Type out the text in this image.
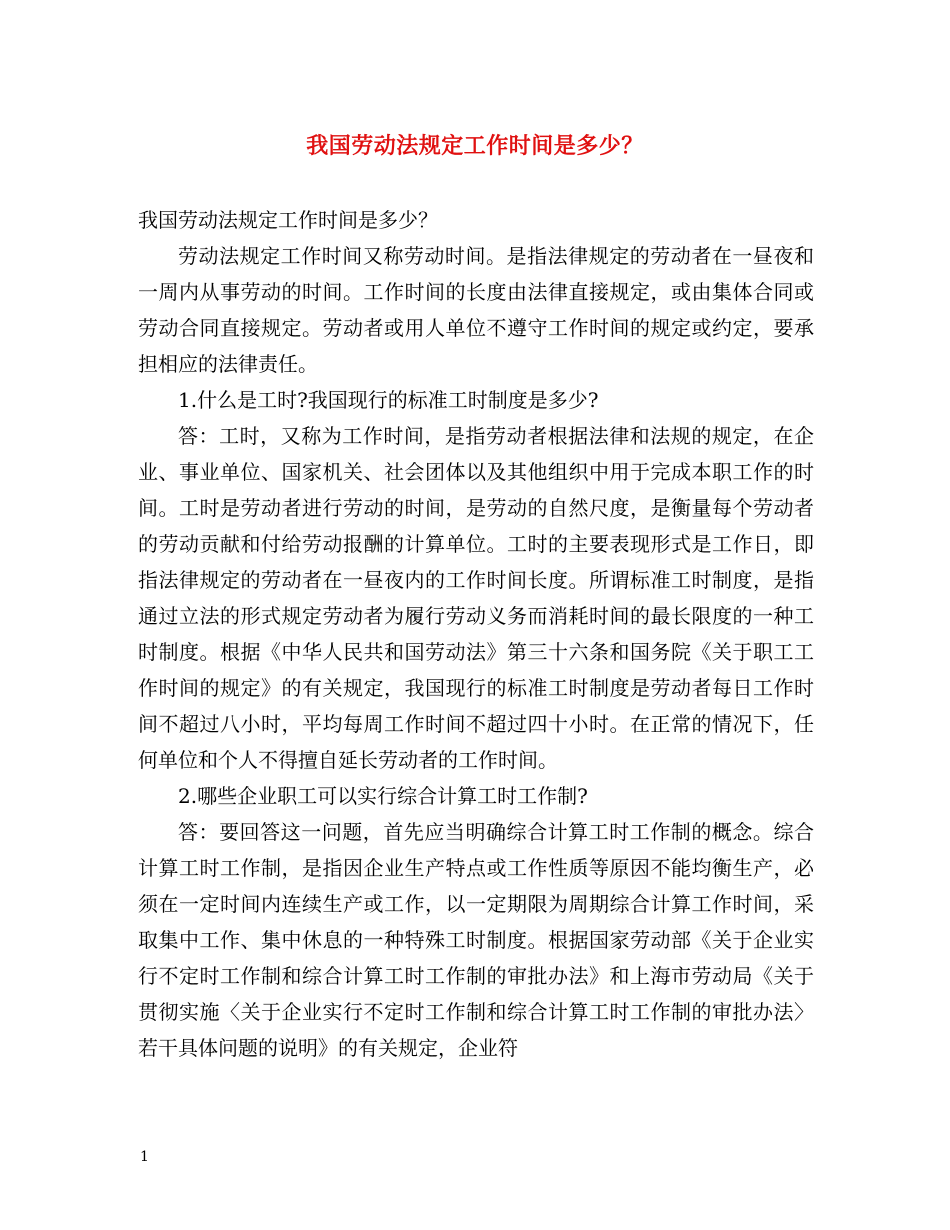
我国劳动法规定工作时间是多少？

我国劳动法规定工作时间是多少？

劳动法规定工作时间又称劳动时间。是指法律规定的劳动者在一昼夜和一周内从事劳动的时间。工作时间的长度由法律直接规定，或由集体合同或劳动合同直接规定。劳动者或用人单位不遵守工作时间的规定或约定，要承担相应的法律责任。

1.什么是工时?我国现行的标准工时制度是多少?

答：工时，又称为工作时间，是指劳动者根据法律和法规的规定，在企业、事业单位、国家机关、社会团体以及其他组织中用于完成本职工作的时间。工时是劳动者进行劳动的时间，是劳动的自然尺度，是衡量每个劳动者的劳动贡献和付给劳动报酬的计算单位。工时的主要表现形式是工作日，即指法律规定的劳动者在一昼夜内的工作时间长度。所谓标准工时制度，是指通过立法的形式规定劳动者为履行劳动义务而消耗时间的最长限度的一种工时制度。根据《中华人民共和国劳动法》第三十六条和国务院《关于职工工作时间的规定》的有关规定，我国现行的标准工时制度是劳动者每日工作时间不超过八小时，平均每周工作时间不超过四十小时。在正常的情况下，任何单位和个人不得擅自延长劳动者的工作时间。

2.哪些企业职工可以实行综合计算工时工作制?

答：要回答这一问题，首先应当明确综合计算工时工作制的概念。综合计算工时工作制，是指因企业生产特点或工作性质等原因不能均衡生产，必须在一定时间内连续生产或工作，以一定期限为周期综合计算工作时间，采取集中工作、集中休息的一种特殊工时制度。根据国家劳动部《关于企业实行不定时工作制和综合计算工时工作制的审批办法》和上海市劳动局《关于贯彻实施〈关于企业实行不定时工作制和综合计算工时工作制的审批办法〉若干具体问题的说明》的有关规定，企业符

1
